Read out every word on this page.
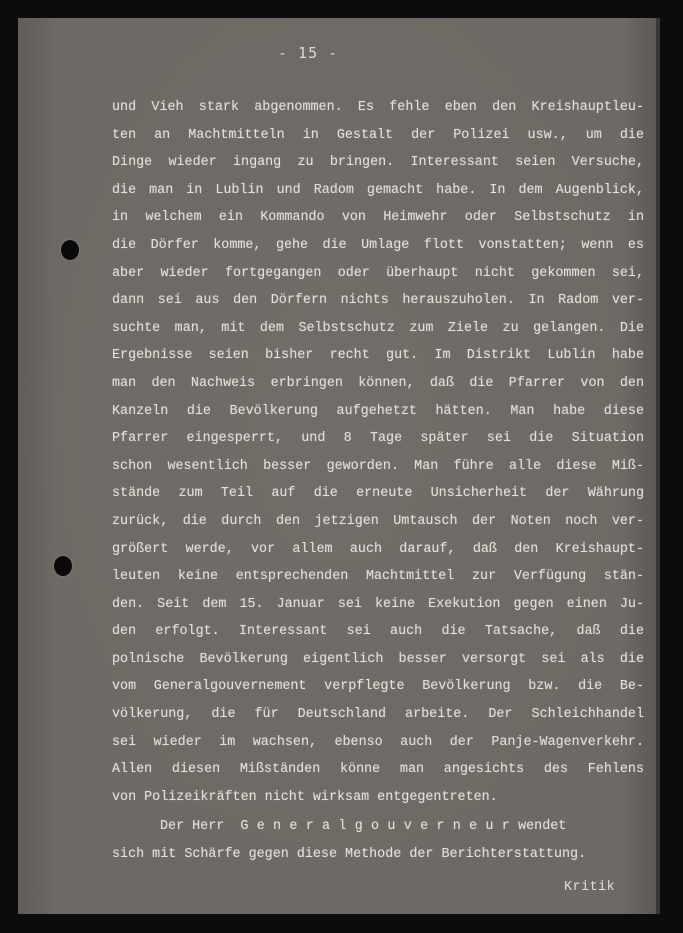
- 15 -
und Vieh stark abgenommen. Es fehle eben den Kreishauptleu-
ten an Machtmitteln in Gestalt der Polizei usw., um die
Dinge wieder ingang zu bringen. Interessant seien Versuche,
die man in Lublin und Radom gemacht habe. In dem Augenblick,
in welchem ein Kommando von Heimwehr oder Selbstschutz in
die Dörfer komme, gehe die Umlage flott vonstatten; wenn es
aber wieder fortgegangen oder überhaupt nicht gekommen sei,
dann sei aus den Dörfern nichts herauszuholen. In Radom ver-
suchte man, mit dem Selbstschutz zum Ziele zu gelangen. Die
Ergebnisse seien bisher recht gut. Im Distrikt Lublin habe
man den Nachweis erbringen können, daß die Pfarrer von den
Kanzeln die Bevölkerung aufgehetzt hätten. Man habe diese
Pfarrer eingesperrt, und 8 Tage später sei die Situation
schon wesentlich besser geworden. Man führe alle diese Miß-
stände zum Teil auf die erneute Unsicherheit der Währung
zurück, die durch den jetzigen Umtausch der Noten noch ver-
größert werde, vor allem auch darauf, daß den Kreishaupt-
leuten keine entsprechenden Machtmittel zur Verfügung stän-
den. Seit dem 15. Januar sei keine Exekution gegen einen Ju-
den erfolgt. Interessant sei auch die Tatsache, daß die
polnische Bevölkerung eigentlich besser versorgt sei als die
vom Generalgouvernement verpflegte Bevölkerung bzw. die Be-
völkerung, die für Deutschland arbeite. Der Schleichhandel
sei wieder im wachsen, ebenso auch der Panje-Wagenverkehr.
Allen diesen Mißständen könne man angesichts des Fehlens
von Polizeikräften nicht wirksam entgegentreten.
Der Herr Generalgouverneurwendet
sich mit Schärfe gegen diese Methode der Berichterstattung.
Kritik
